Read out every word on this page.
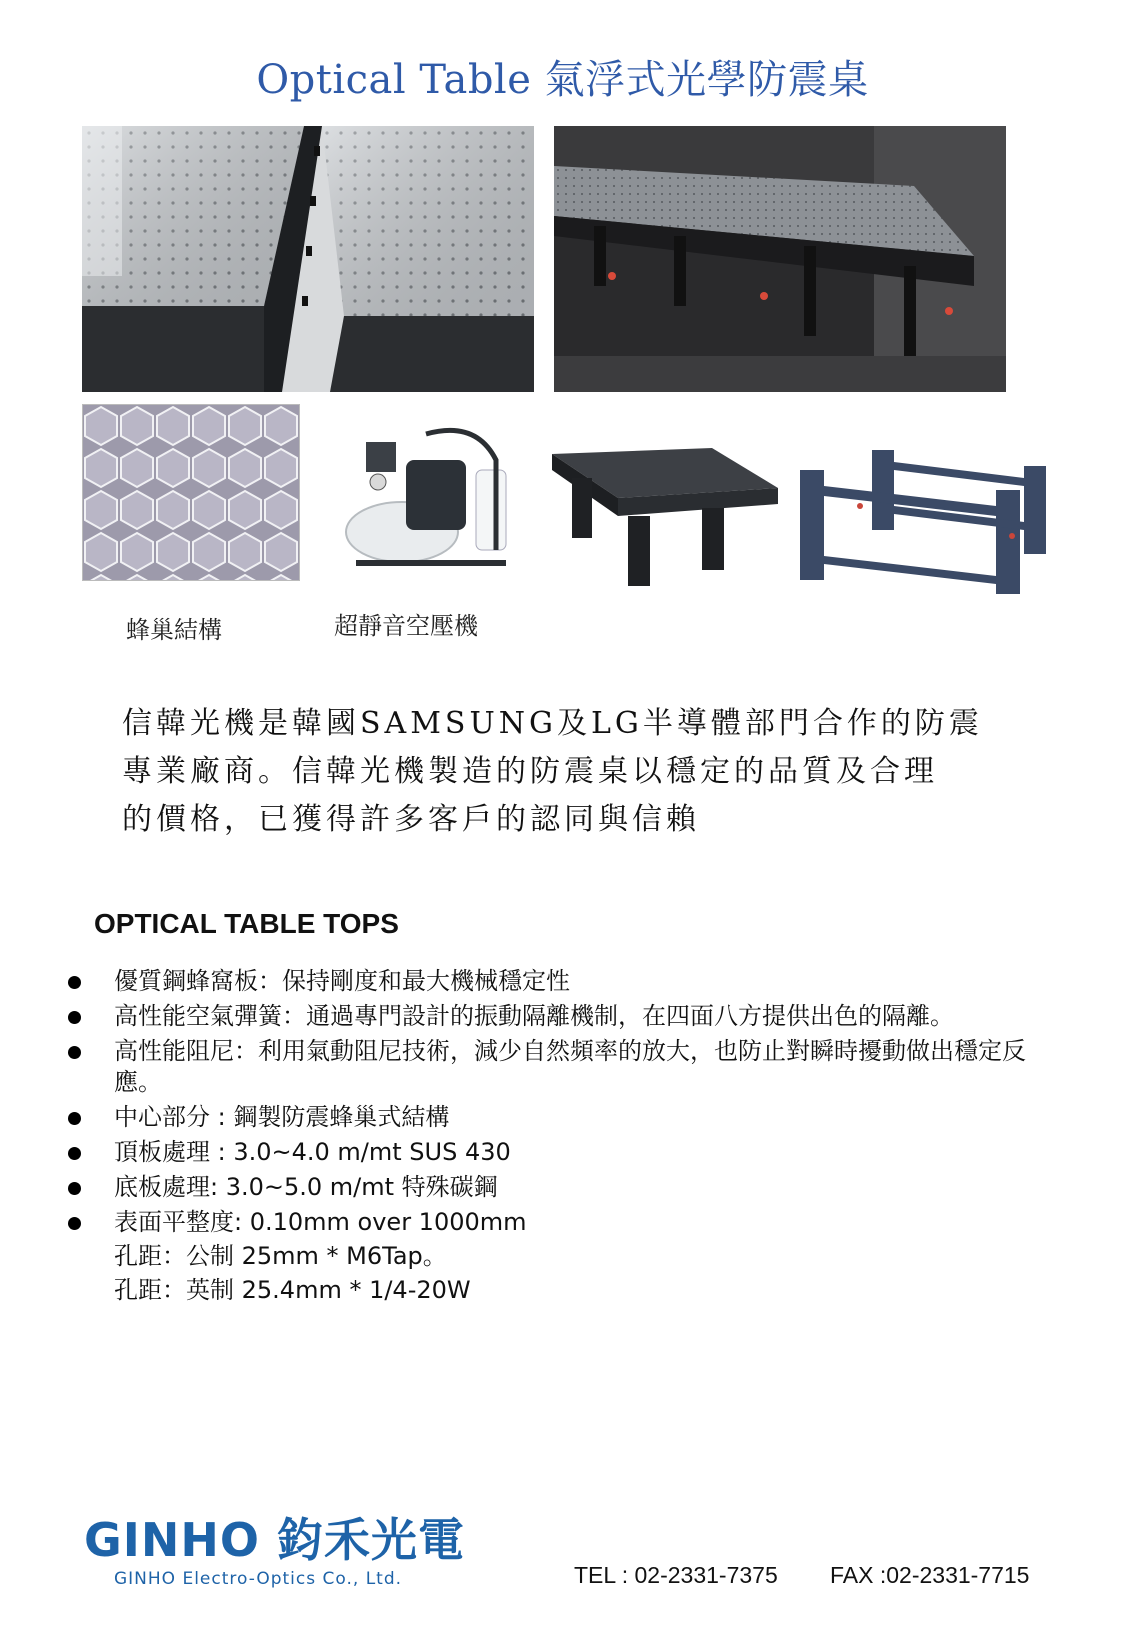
Optical Table 氣浮式光學防震桌
蜂巢結構	超靜音空壓機

信韓光機是韓國SAMSUNG及LG半導體部門合作的防震

專業廠商。信韓光機製造的防震桌以穩定的品質及合理

的價格，已獲得許多客戶的認同與信賴

OPTICAL TABLE TOPS
優質鋼蜂窩板：保持剛度和最大機械穩定性
高性能空氣彈簧：通過專門設計的振動隔離機制，在四面八方提供出色的隔離。
高性能阻尼：利用氣動阻尼技術，減少自然頻率的放大，也防止對瞬時擾動做出穩定反應。
中心部分 : 鋼製防震蜂巢式結構
頂板處理 : 3.0~4.0 m/mt SUS 430
底板處理: 3.0~5.0 m/mt 特殊碳鋼
表面平整度: 0.10mm over 1000mm
孔距：公制 25mm * M6Tap。
孔距：英制 25.4mm * 1/4-20W
GINHO 鈞禾光電
GINHO Electro-Optics Co., Ltd.	TEL : 02-2331-7375 FAX :02-2331-7715
